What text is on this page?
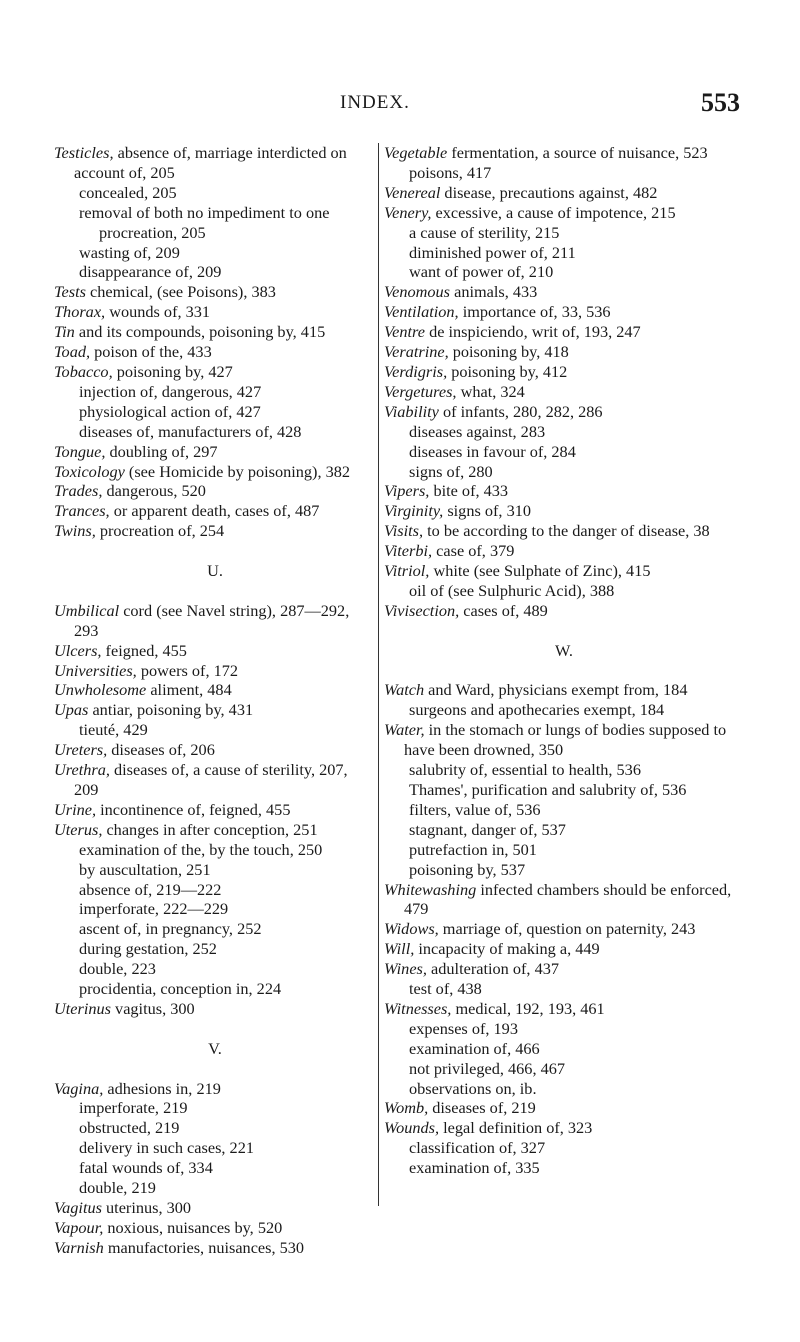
INDEX.	553
Testicles, absence of, marriage interdicted on account of, 205
concealed, 205
removal of both no impediment to one procreation, 205
wasting of, 209
disappearance of, 209
Tests chemical, (see Poisons), 383
Thorax, wounds of, 331
Tin and its compounds, poisoning by, 415
Toad, poison of the, 433
Tobacco, poisoning by, 427
injection of, dangerous, 427
physiological action of, 427
diseases of, manufacturers of, 428
Tongue, doubling of, 297
Toxicology (see Homicide by poisoning), 382
Trades, dangerous, 520
Trances, or apparent death, cases of, 487
Twins, procreation of, 254
U.
Umbilical cord (see Navel string), 287—292, 293
Ulcers, feigned, 455
Universities, powers of, 172
Unwholesome aliment, 484
Upas antiar, poisoning by, 431
tieuté, 429
Ureters, diseases of, 206
Urethra, diseases of, a cause of sterility, 207, 209
Urine, incontinence of, feigned, 455
Uterus, changes in after conception, 251
examination of the, by the touch, 250
by auscultation, 251
absence of, 219—222
imperforate, 222—229
ascent of, in pregnancy, 252
during gestation, 252
double, 223
procidentia, conception in, 224
Uterinus vagitus, 300
V.
Vagina, adhesions in, 219
imperforate, 219
obstructed, 219
delivery in such cases, 221
fatal wounds of, 334
double, 219
Vagitus uterinus, 300
Vapour, noxious, nuisances by, 520
Varnish manufactories, nuisances, 530
Vegetable fermentation, a source of nuisance, 523
poisons, 417
Venereal disease, precautions against, 482
Venery, excessive, a cause of impotence, 215
a cause of sterility, 215
diminished power of, 211
want of power of, 210
Venomous animals, 433
Ventilation, importance of, 33, 536
Ventre de inspiciendo, writ of, 193, 247
Veratrine, poisoning by, 418
Verdigris, poisoning by, 412
Vergetures, what, 324
Viability of infants, 280, 282, 286
diseases against, 283
diseases in favour of, 284
signs of, 280
Vipers, bite of, 433
Virginity, signs of, 310
Visits, to be according to the danger of disease, 38
Viterbi, case of, 379
Vitriol, white (see Sulphate of Zinc), 415
oil of (see Sulphuric Acid), 388
Vivisection, cases of, 489
W.
Watch and Ward, physicians exempt from, 184
surgeons and apothecaries exempt, 184
Water, in the stomach or lungs of bodies supposed to have been drowned, 350
salubrity of, essential to health, 536
Thames', purification and salubrity of, 536
filters, value of, 536
stagnant, danger of, 537
putrefaction in, 501
poisoning by, 537
Whitewashing infected chambers should be enforced, 479
Widows, marriage of, question on paternity, 243
Will, incapacity of making a, 449
Wines, adulteration of, 437
test of, 438
Witnesses, medical, 192, 193, 461
expenses of, 193
examination of, 466
not privileged, 466, 467
observations on, ib.
Womb, diseases of, 219
Wounds, legal definition of, 323
classification of, 327
examination of, 335
